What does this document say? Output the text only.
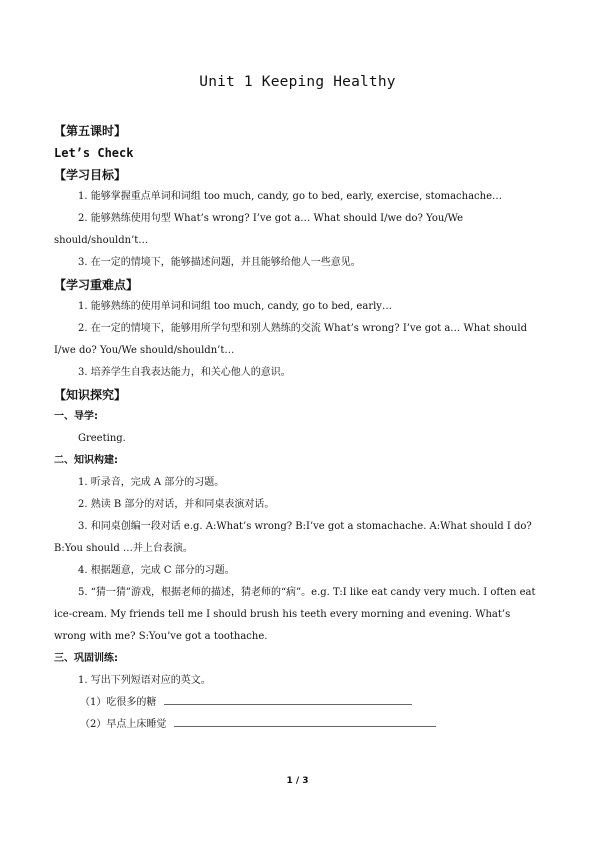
Unit 1 Keeping Healthy

【第五课时】

Let’s Check

【学习目标】

1. 能够掌握重点单词和词组 too much, candy, go to bed, early, exercise, stomachache…

2. 能够熟练使用句型 What’s wrong? I’ve got a… What should I/we do? You/We should/shouldn’t…

3. 在一定的情境下，能够描述问题，并且能够给他人一些意见。

【学习重难点】

1. 能够熟练的使用单词和词组 too much, candy, go to bed, early…

2. 在一定的情境下，能够用所学句型和别人熟练的交流 What’s wrong? I’ve got a… What should I/we do? You/We should/shouldn’t…

3. 培养学生自我表达能力，和关心他人的意识。

【知识探究】

一、导学:

Greeting.

二、知识构建:

1. 听录音，完成 A 部分的习题。

2. 熟读 B 部分的对话，并和同桌表演对话。

3. 和同桌创编一段对话 e.g. A:What’s wrong? B:I’ve got a stomachache. A:What should I do? B:You should …并上台表演。

4. 根据题意，完成 C 部分的习题。

5. “猜一猜”游戏，根据老师的描述，猜老师的“病”。e.g. T:I like eat candy very much. I often eat ice-cream. My friends tell me I should brush his teeth every morning and evening. What’s wrong with me? S:You’ve got a toothache.

三、巩固训练:

1. 写出下列短语对应的英文。

（1）吃很多的糖

（2）早点上床睡觉

1 / 3
